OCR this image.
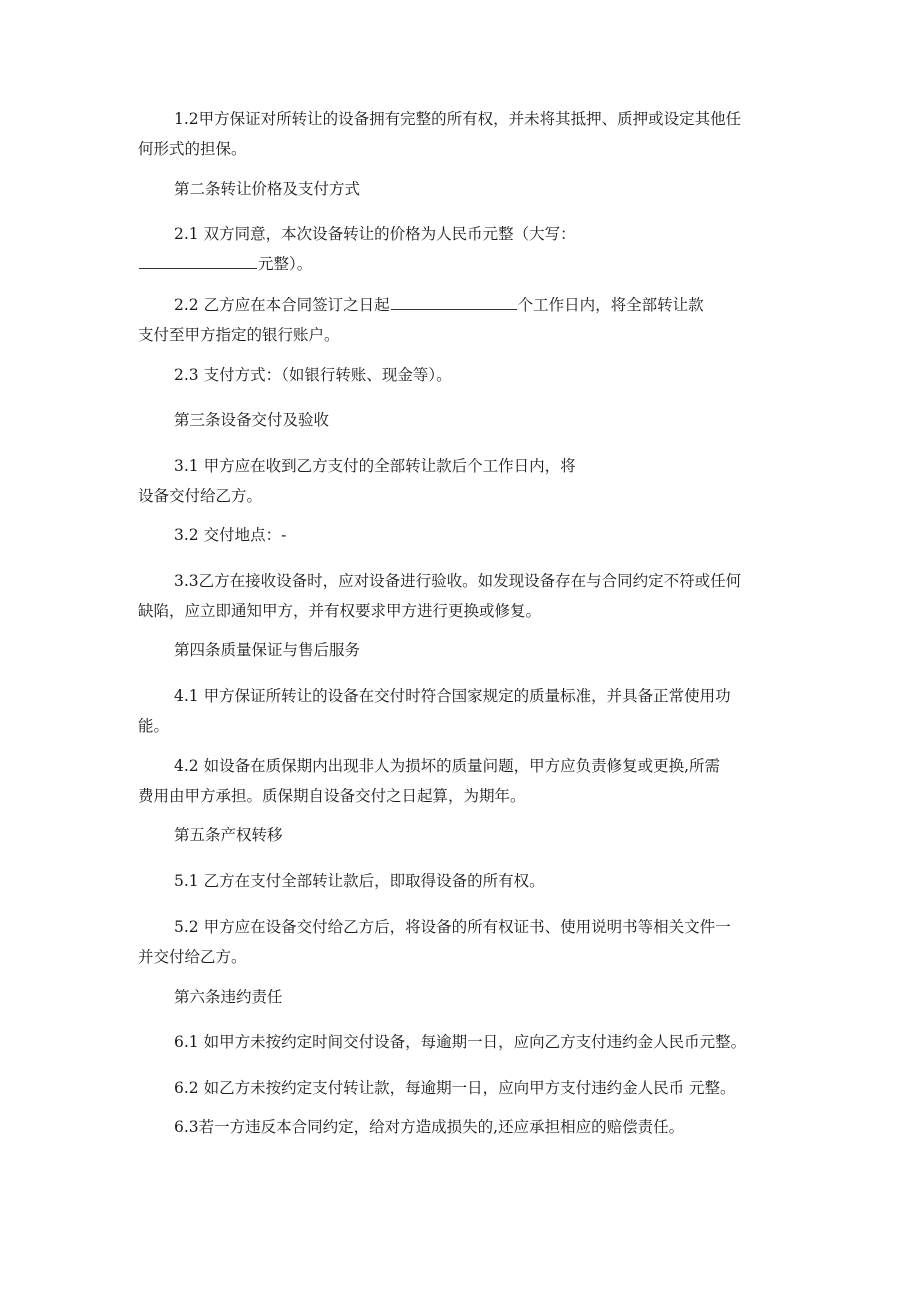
1.2甲方保证对所转让的设备拥有完整的所有权，并未将其抵押、质押或设定其他任
何形式的担保。
第二条转让价格及支付方式
2.1 双方同意，本次设备转让的价格为人民币元整（大写：
元整）。
2.2 乙方应在本合同签订之日起	个工作日内，将全部转让款
支付至甲方指定的银行账户。
2.3 支付方式：（如银行转账、现金等）。
第三条设备交付及验收
3.1 甲方应在收到乙方支付的全部转让款后个工作日内，将
设备交付给乙方。
3.2 交付地点：-
3.3乙方在接收设备时，应对设备进行验收。如发现设备存在与合同约定不符或任何
缺陷，应立即通知甲方，并有权要求甲方进行更换或修复。
第四条质量保证与售后服务
4.1 甲方保证所转让的设备在交付时符合国家规定的质量标准，并具备正常使用功
能。
4.2 如设备在质保期内出现非人为损坏的质量问题，甲方应负责修复或更换,所需
费用由甲方承担。质保期自设备交付之日起算，为期年。
第五条产权转移
5.1 乙方在支付全部转让款后，即取得设备的所有权。
5.2 甲方应在设备交付给乙方后，将设备的所有权证书、使用说明书等相关文件一
并交付给乙方。
第六条违约责任
6.1 如甲方未按约定时间交付设备，每逾期一日，应向乙方支付违约金人民币元整。
6.2 如乙方未按约定支付转让款，每逾期一日，应向甲方支付违约金人民币 元整。
6.3若一方违反本合同约定，给对方造成损失的,还应承担相应的赔偿责任。
